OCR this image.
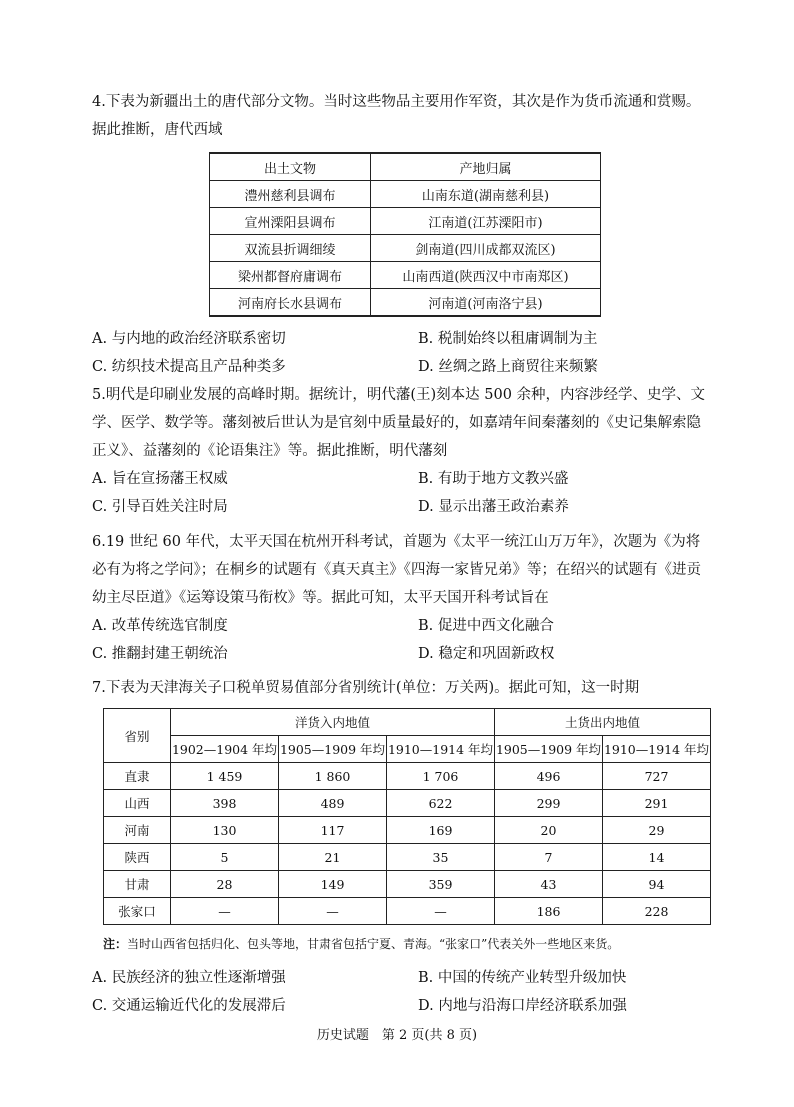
4.下表为新疆出土的唐代部分文物。当时这些物品主要用作军资，其次是作为货币流通和赏赐。据此推断，唐代西域
出土文物	产地归属
澧州慈利县调布	山南东道(湖南慈利县)
宣州溧阳县调布	江南道(江苏溧阳市)
双流县折调细绫	剑南道(四川成都双流区)
梁州都督府庸调布	山南西道(陕西汉中市南郑区)
河南府长水县调布	河南道(河南洛宁县)
A. 与内地的政治经济联系密切	B. 税制始终以租庸调制为主
C. 纺织技术提高且产品种类多	D. 丝绸之路上商贸往来频繁
5.明代是印刷业发展的高峰时期。据统计，明代藩(王)刻本达 500 余种，内容涉经学、史学、文学、医学、数学等。藩刻被后世认为是官刻中质量最好的，如嘉靖年间秦藩刻的《史记集解索隐正义》、益藩刻的《论语集注》等。据此推断，明代藩刻
A. 旨在宣扬藩王权威	B. 有助于地方文教兴盛
C. 引导百姓关注时局	D. 显示出藩王政治素养
6.19 世纪 60 年代，太平天国在杭州开科考试，首题为《太平一统江山万万年》，次题为《为将必有为将之学问》；在桐乡的试题有《真天真主》《四海一家皆兄弟》等；在绍兴的试题有《进贡幼主尽臣道》《运筹设策马衔枚》等。据此可知，太平天国开科考试旨在
A. 改革传统选官制度	B. 促进中西文化融合
C. 推翻封建王朝统治	D. 稳定和巩固新政权
7.下表为天津海关子口税单贸易值部分省别统计(单位：万关两)。据此可知，这一时期
省别	洋货入内地值			土货出内地值	
	1902—1904 年均	1905—1909 年均	1910—1914 年均	1905—1909 年均	1910—1914 年均
直隶	1 459	1 860	1 706	496	727
山西	398	489	622	299	291
河南	130	117	169	20	29
陕西	5	21	35	7	14
甘肃	28	149	359	43	94
张家口	—	—	—	186	228
注：当时山西省包括归化、包头等地，甘肃省包括宁夏、青海。“张家口”代表关外一些地区来货。
A. 民族经济的独立性逐渐增强	B. 中国的传统产业转型升级加快
C. 交通运输近代化的发展滞后	D. 内地与沿海口岸经济联系加强
历史试题　第 2 页(共 8 页)
